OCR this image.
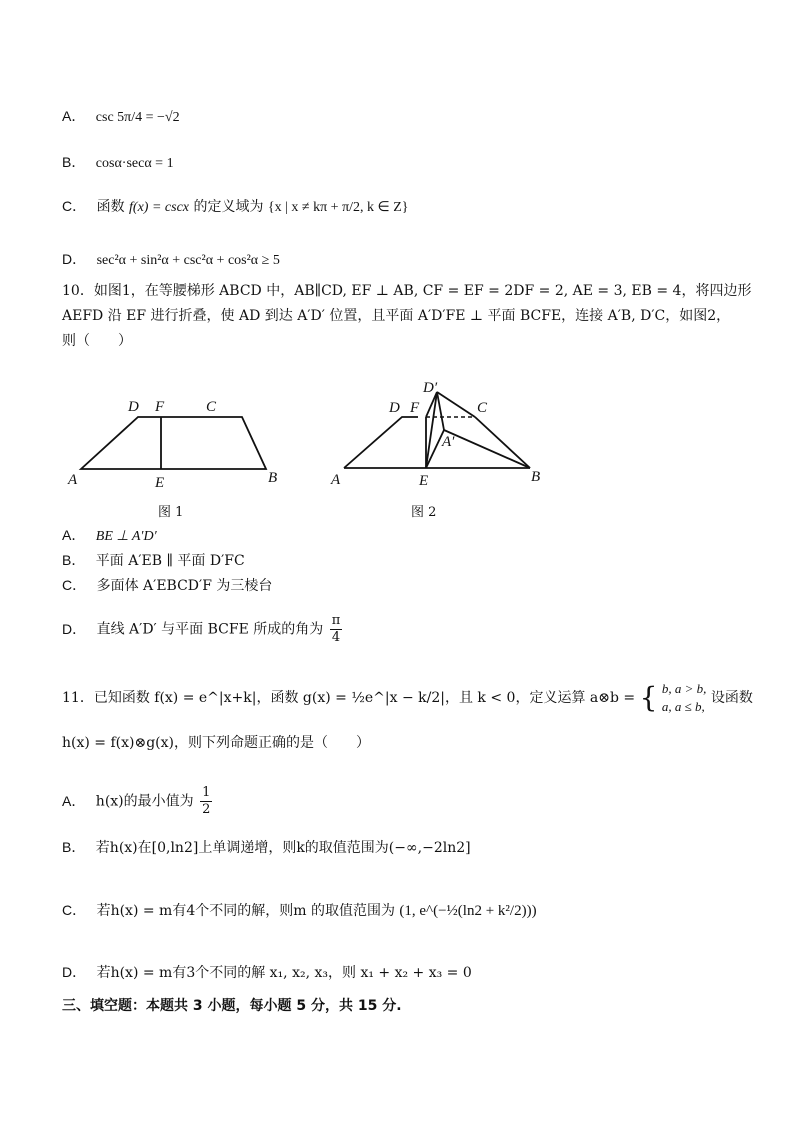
A． csc 5π/4 = −√2
B． cosα·secα = 1
C． 函数 f(x) = cscx 的定义域为 {x | x ≠ kπ + π/2, k ∈ Z}
D． sec²α + sin²α + csc²α + cos²α ≥ 5
10．如图1，在等腰梯形 ABCD 中，AB∥CD, EF ⊥ AB, CF = EF = 2DF = 2, AE = 3, EB = 4，将四边形
AEFD 沿 EF 进行折叠，使 AD 到达 A′D′ 位置，且平面 A′D′FE ⊥ 平面 BCFE，连接 A′B, D′C，如图2，
则（　　）
D F	C
A	E	B
图 1
D′
D F	C
A′
A	E	B
图 2
A． BE ⊥ A′D′
B． 平面 A′EB ∥ 平面 D′FC
C． 多面体 A′EBCD′F 为三棱台
D． 直线 A′D′ 与平面 BCFE 所成的角为 $\frac{\pi}{4}$
11．已知函数 f(x) = e^|x+k|，函数 g(x) = ½e^|x − k/2|，且 k < 0，定义运算 a⊗b = { b, a > b,
a, a ≤ b,
设函数
h(x) = f(x)⊗g(x)，则下列命题正确的是（　　）
A． h(x)的最小值为 $\frac{1}{2}$
B． 若h(x)在[0,ln2]上单调递增，则k的取值范围为(−∞,−2ln2]
C． 若h(x) = m有4个不同的解，则m 的取值范围为 (1, e^(−½(ln2 + k²/2)))
D． 若h(x) = m有3个不同的解 x₁, x₂, x₃，则 x₁ + x₂ + x₃ = 0
三、填空题：本题共 3 小题，每小题 5 分，共 15 分.
